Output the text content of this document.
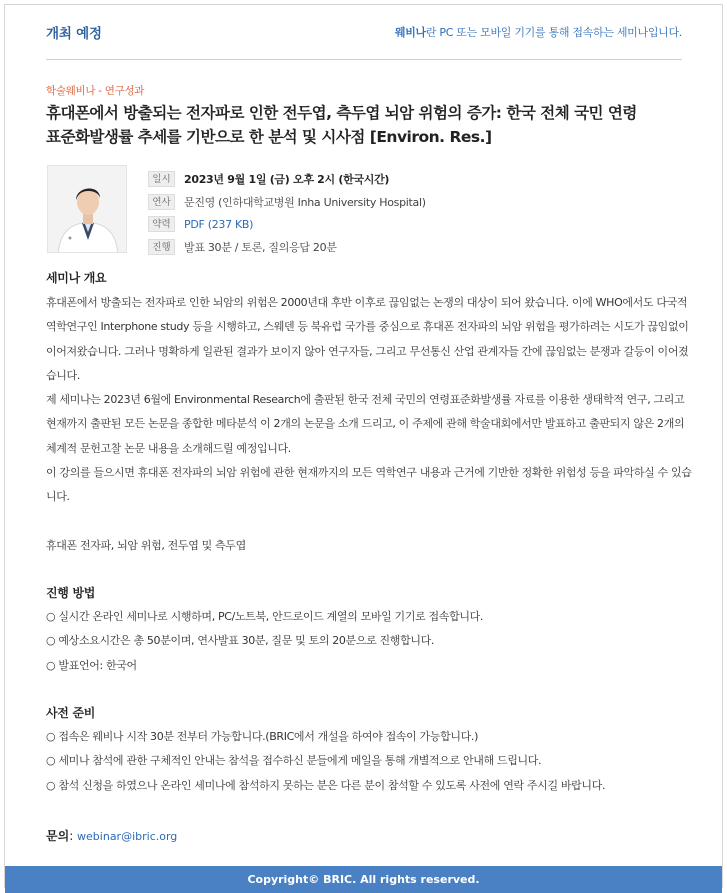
개최 예정	웨비나란 PC 또는 모바일 기기를 통해 접속하는 세미나입니다.
학술웨비나 - 연구성과
휴대폰에서 방출되는 전자파로 인한 전두엽, 측두엽 뇌암 위험의 증가: 한국 전체 국민 연령
표준화발생률 추세를 기반으로 한 분석 및 시사점 [Environ. Res.]
일시	2023년 9월 1일 (금) 오후 2시 (한국시간)
연사	문진영 (인하대학교병원 Inha University Hospital)
약력	PDF (237 KB)
진행	발표 30분 / 토론, 질의응답 20분
세미나 개요
휴대폰에서 방출되는 전자파로 인한 뇌암의 위험은 2000년대 후반 이후로 끊임없는 논쟁의 대상이 되어 왔습니다. 이에 WHO에서도 다국적 역학연구인 Interphone study 등을 시행하고, 스웨덴 등 북유럽 국가를 중심으로 휴대폰 전자파의 뇌암 위험을 평가하려는 시도가 끊임없이 이어져왔습니다. 그러나 명확하게 일관된 결과가 보이지 않아 연구자들, 그리고 무선통신 산업 관계자들 간에 끊임없는 분쟁과 갈등이 이어졌습니다.
제 세미나는 2023년 6월에 Environmental Research에 출판된 한국 전체 국민의 연령표준화발생률 자료를 이용한 생태학적 연구, 그리고 현재까지 출판된 모든 논문을 종합한 메타분석 이 2개의 논문을 소개 드리고, 이 주제에 관해 학술대회에서만 발표하고 출판되지 않은 2개의 체계적 문헌고찰 논문 내용을 소개해드릴 예정입니다.
이 강의를 들으시면 휴대폰 전자파의 뇌암 위험에 관한 현재까지의 모든 역학연구 내용과 근거에 기반한 정확한 위험성 등을 파악하실 수 있습니다.
휴대폰 전자파, 뇌암 위험, 전두엽 및 측두엽
진행 방법
○ 실시간 온라인 세미나로 시행하며, PC/노트북, 안드로이드 계열의 모바일 기기로 접속합니다.
○ 예상소요시간은 총 50분이며, 연사발표 30분, 질문 및 토의 20분으로 진행합니다.
○ 발표언어: 한국어
사전 준비
○ 접속은 웨비나 시작 30분 전부터 가능합니다.(BRIC에서 개설을 하여야 접속이 가능합니다.)
○ 세미나 참석에 관한 구체적인 안내는 참석을 접수하신 분들에게 메일을 통해 개별적으로 안내해 드립니다.
○ 참석 신청을 하였으나 온라인 세미나에 참석하지 못하는 분은 다른 분이 참석할 수 있도록 사전에 연락 주시길 바랍니다.
문의: webinar@ibric.org
Copyright© BRIC. All rights reserved.
